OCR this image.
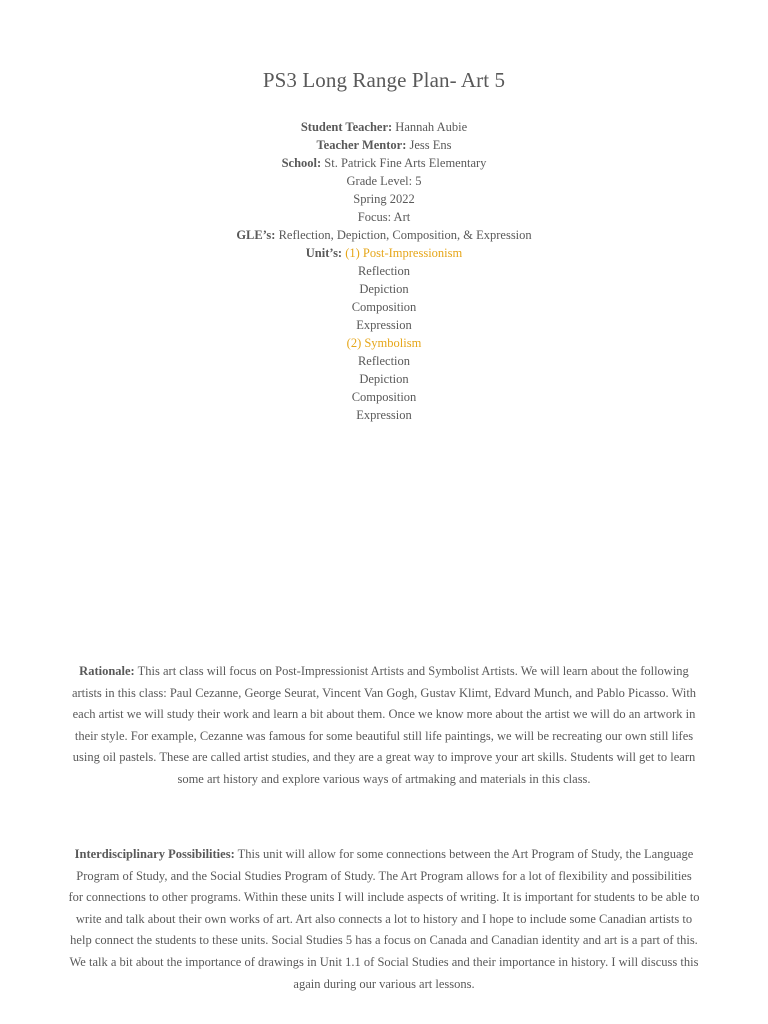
PS3 Long Range Plan- Art 5
Student Teacher: Hannah Aubie
Teacher Mentor: Jess Ens
School: St. Patrick Fine Arts Elementary
Grade Level: 5
Spring 2022
Focus: Art
GLE’s: Reflection, Depiction, Composition, & Expression
Unit’s: (1) Post-Impressionism
Reflection
Depiction
Composition
Expression
(2) Symbolism
Reflection
Depiction
Composition
Expression
Rationale: This art class will focus on Post-Impressionist Artists and Symbolist Artists. We will learn about the following artists in this class: Paul Cezanne, George Seurat, Vincent Van Gogh, Gustav Klimt, Edvard Munch, and Pablo Picasso. With each artist we will study their work and learn a bit about them. Once we know more about the artist we will do an artwork in their style. For example, Cezanne was famous for some beautiful still life paintings, we will be recreating our own still lifes using oil pastels. These are called artist studies, and they are a great way to improve your art skills. Students will get to learn some art history and explore various ways of artmaking and materials in this class.
Interdisciplinary Possibilities: This unit will allow for some connections between the Art Program of Study, the Language Program of Study, and the Social Studies Program of Study. The Art Program allows for a lot of flexibility and possibilities for connections to other programs. Within these units I will include aspects of writing. It is important for students to be able to write and talk about their own works of art. Art also connects a lot to history and I hope to include some Canadian artists to help connect the students to these units. Social Studies 5 has a focus on Canada and Canadian identity and art is a part of this. We talk a bit about the importance of drawings in Unit 1.1 of Social Studies and their importance in history. I will discuss this again during our various art lessons.
